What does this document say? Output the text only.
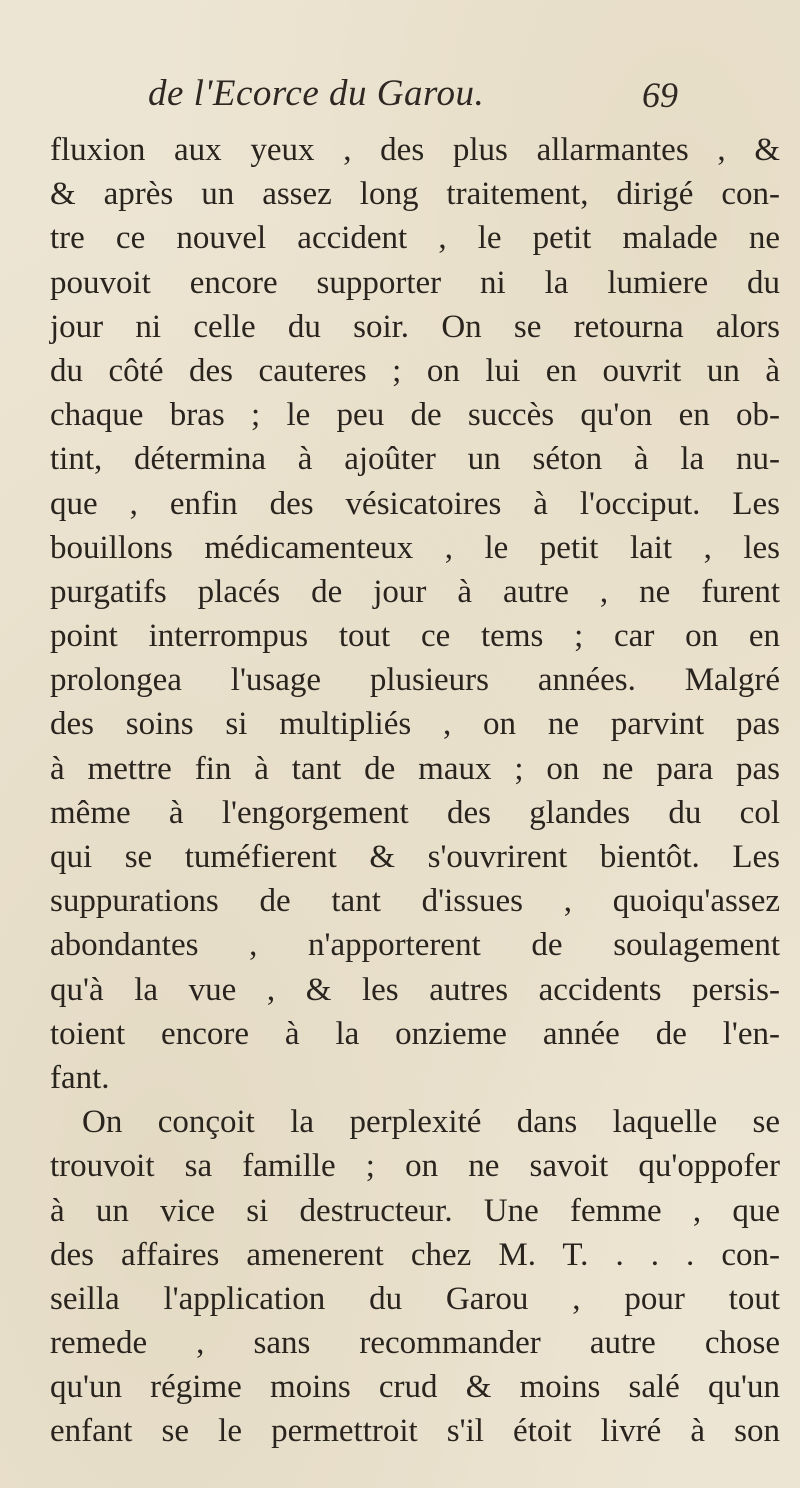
de l'Ecorce du Garou.	69
fluxion aux yeux , des plus allarmantes , &
& après un assez long traitement, dirigé con-
tre ce nouvel accident , le petit malade ne
pouvoit encore supporter ni la lumiere du
jour ni celle du soir. On se retourna alors
du côté des cauteres ; on lui en ouvrit un à
chaque bras ; le peu de succès qu'on en ob-
tint, détermina à ajoûter un séton à la nu-
que , enfin des vésicatoires à l'occiput. Les
bouillons médicamenteux , le petit lait , les
purgatifs placés de jour à autre , ne furent
point interrompus tout ce tems ; car on en
prolongea l'usage plusieurs années. Malgré
des soins si multipliés , on ne parvint pas
à mettre fin à tant de maux ; on ne para pas
même à l'engorgement des glandes du col
qui se tuméfierent & s'ouvrirent bientôt. Les
suppurations de tant d'issues , quoiqu'assez
abondantes , n'apporterent de soulagement
qu'à la vue , & les autres accidents persis-
toient encore à la onzieme année de l'en-
fant.
On conçoit la perplexité dans laquelle se
trouvoit sa famille ; on ne savoit qu'oppofer
à un vice si destructeur. Une femme , que
des affaires amenerent chez M. T. . . . con-
seilla l'application du Garou , pour tout
remede , sans recommander autre chose
qu'un régime moins crud & moins salé qu'un
enfant se le permettroit s'il étoit livré à son
